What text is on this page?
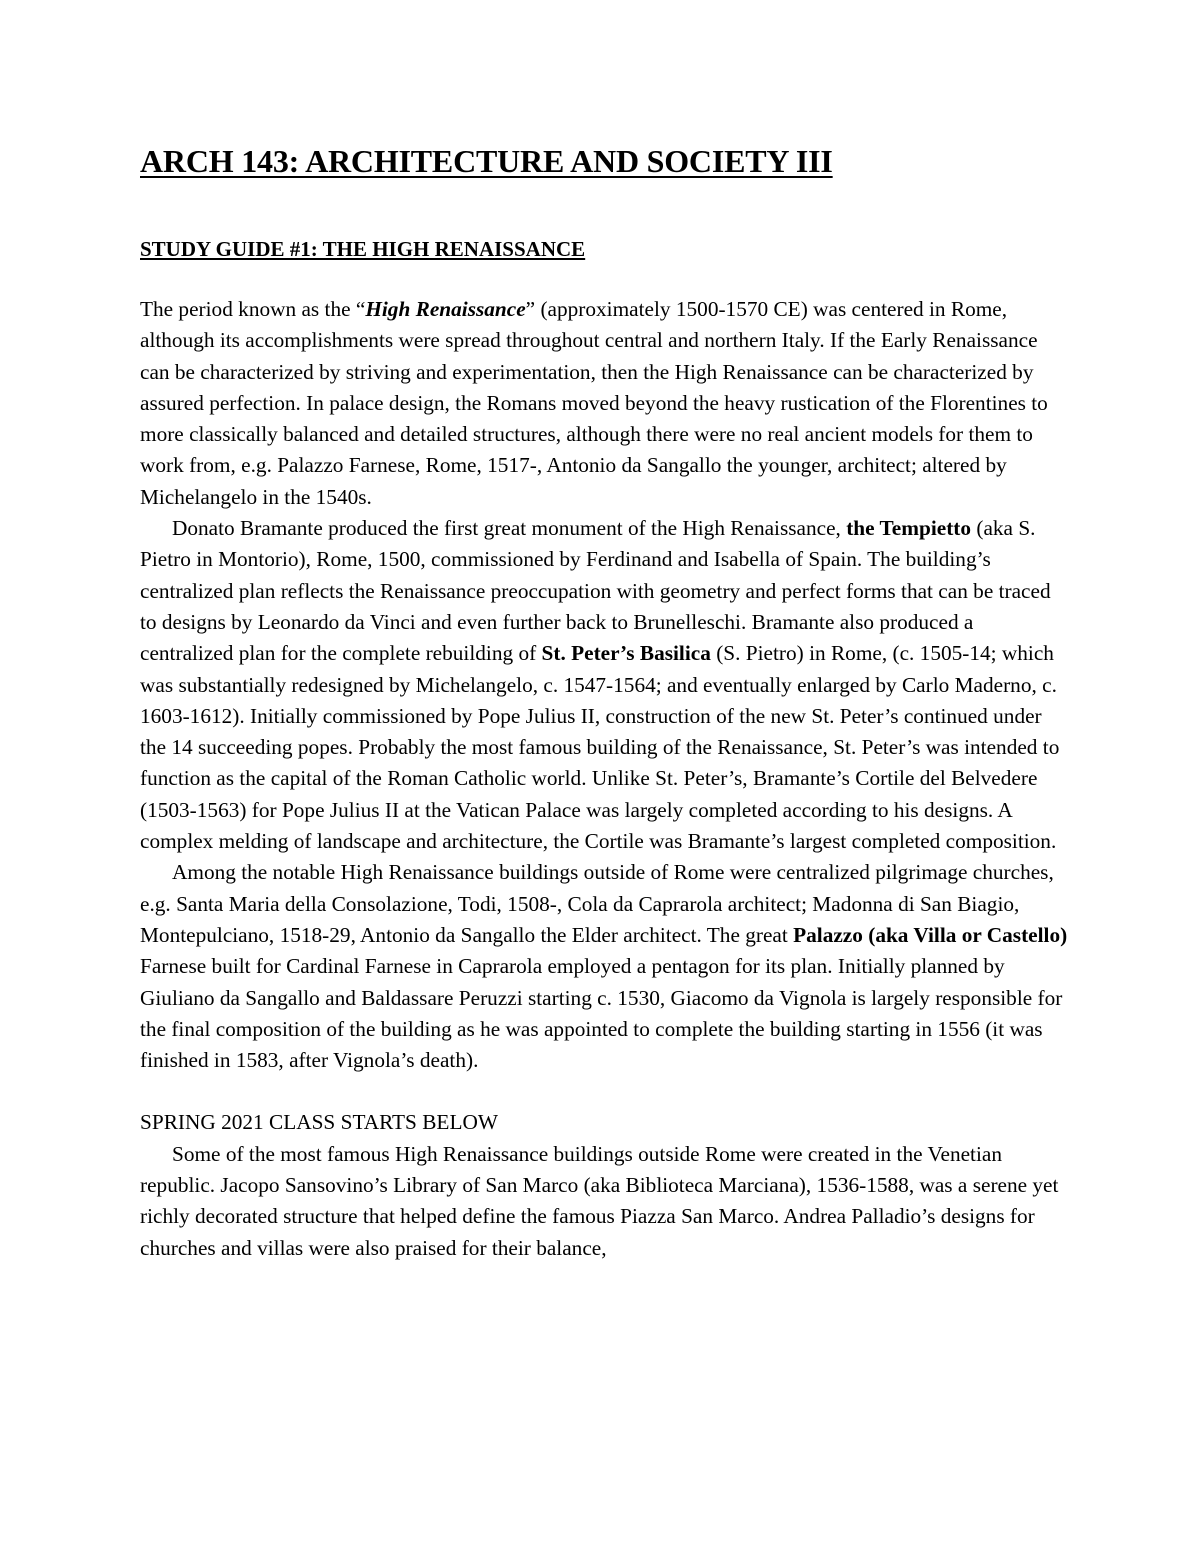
ARCH 143: ARCHITECTURE AND SOCIETY III
STUDY GUIDE #1: THE HIGH RENAISSANCE

The period known as the “High Renaissance” (approximately 1500-1570 CE) was centered in Rome, although its accomplishments were spread throughout central and northern Italy. If the Early Renaissance can be characterized by striving and experimentation, then the High Renaissance can be characterized by assured perfection. In palace design, the Romans moved beyond the heavy rustication of the Florentines to more classically balanced and detailed structures, although there were no real ancient models for them to work from, e.g. Palazzo Farnese, Rome, 1517-, Antonio da Sangallo the younger, architect; altered by Michelangelo in the 1540s.

Donato Bramante produced the first great monument of the High Renaissance, the Tempietto (aka S. Pietro in Montorio), Rome, 1500, commissioned by Ferdinand and Isabella of Spain. The building’s centralized plan reflects the Renaissance preoccupation with geometry and perfect forms that can be traced to designs by Leonardo da Vinci and even further back to Brunelleschi. Bramante also produced a centralized plan for the complete rebuilding of St. Peter’s Basilica (S. Pietro) in Rome, (c. 1505-14; which was substantially redesigned by Michelangelo, c. 1547-1564; and eventually enlarged by Carlo Maderno, c. 1603-1612). Initially commissioned by Pope Julius II, construction of the new St. Peter’s continued under the 14 succeeding popes. Probably the most famous building of the Renaissance, St. Peter’s was intended to function as the capital of the Roman Catholic world. Unlike St. Peter’s, Bramante’s Cortile del Belvedere (1503-1563) for Pope Julius II at the Vatican Palace was largely completed according to his designs. A complex melding of landscape and architecture, the Cortile was Bramante’s largest completed composition.

Among the notable High Renaissance buildings outside of Rome were centralized pilgrimage churches, e.g. Santa Maria della Consolazione, Todi, 1508-, Cola da Caprarola architect; Madonna di San Biagio, Montepulciano, 1518-29, Antonio da Sangallo the Elder architect. The great Palazzo (aka Villa or Castello) Farnese built for Cardinal Farnese in Caprarola employed a pentagon for its plan. Initially planned by Giuliano da Sangallo and Baldassare Peruzzi starting c. 1530, Giacomo da Vignola is largely responsible for the final composition of the building as he was appointed to complete the building starting in 1556 (it was finished in 1583, after Vignola’s death).

SPRING 2021 CLASS STARTS BELOW

Some of the most famous High Renaissance buildings outside Rome were created in the Venetian republic. Jacopo Sansovino’s Library of San Marco (aka Biblioteca Marciana), 1536-1588, was a serene yet richly decorated structure that helped define the famous Piazza San Marco. Andrea Palladio’s designs for churches and villas were also praised for their balance,
